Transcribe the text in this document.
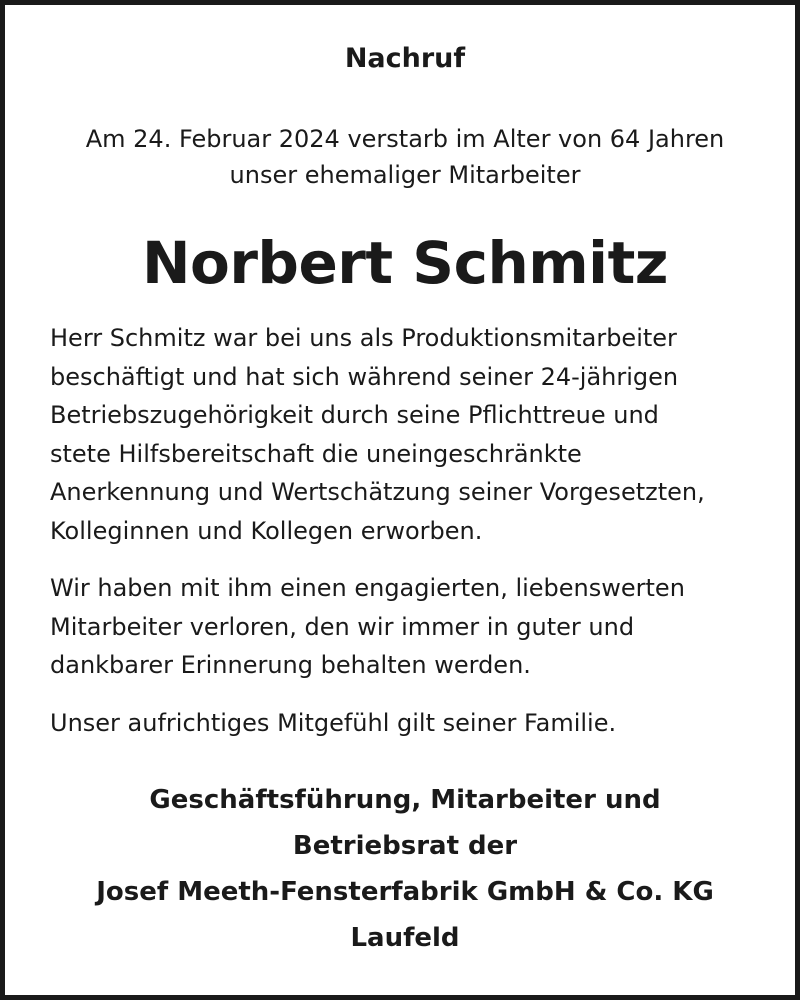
Nachruf
Am 24. Februar 2024 verstarb im Alter von 64 Jahren
unser ehemaliger Mitarbeiter
Norbert Schmitz
Herr Schmitz war bei uns als Produktionsmitarbeiter
beschäftigt und hat sich während seiner 24-jährigen
Betriebszugehörigkeit durch seine Pflichttreue und
stete Hilfsbereitschaft die uneingeschränkte
Anerkennung und Wertschätzung seiner Vorgesetzten,
Kolleginnen und Kollegen erworben.
Wir haben mit ihm einen engagierten, liebenswerten
Mitarbeiter verloren, den wir immer in guter und
dankbarer Erinnerung behalten werden.
Unser aufrichtiges Mitgefühl gilt seiner Familie.
Geschäftsführung, Mitarbeiter und
Betriebsrat der
Josef Meeth-Fensterfabrik GmbH & Co. KG
Laufeld
